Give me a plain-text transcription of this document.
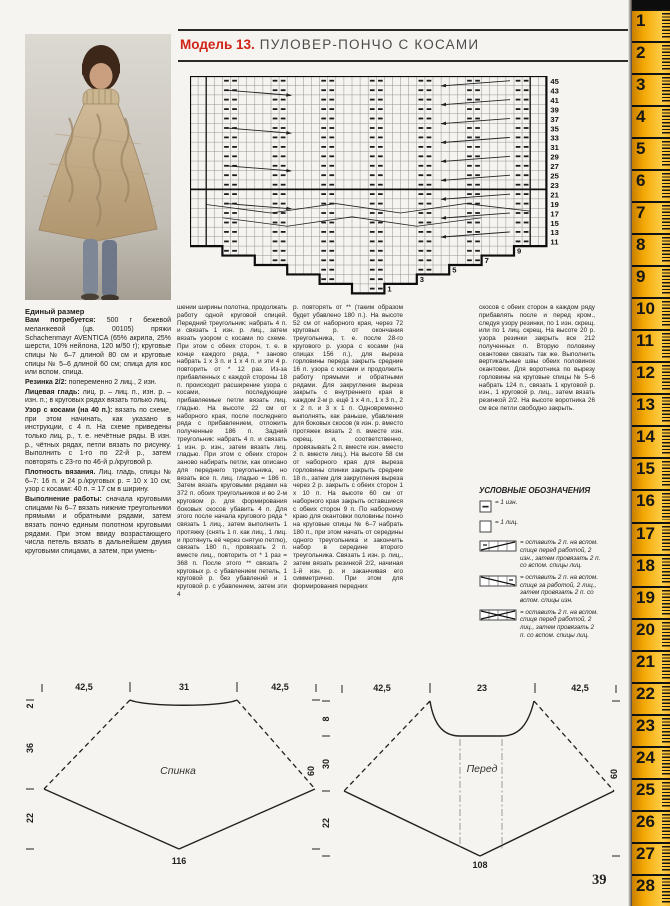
Модель 13. ПУЛОВЕР-ПОНЧО С КОСАМИ
45
43
41
39
37
35
33
31
29
27
25
23
21
19
17
15
13
11
9
7
5
3
1
Единый размер

Вам потребуется: 500 г бежевой меланжевой (цв. 00105) пряжи Schachenmayr AVENTICA (65% акрила, 25% шерсти, 10% нейлона, 120 м/50 г); круговые спицы № 6–7 длиной 80 см и круговые спицы № 5–6 длиной 60 см; спица для кос или вспом. спица.

Резинка 2/2: попеременно 2 лиц., 2 изн.

Лицевая гладь: лиц. р. – лиц. п., изн. р. – изн. п.; в круговых рядах вязать только лиц.

Узор с косами (на 40 п.): вязать по схеме, при этом начинать, как указано в инструкции, с 4 п. На схеме приведены только лиц. р., т. е. нечётные ряды. В изн. р., чётных рядах, петли вязать по рисунку. Выполнить с 1-го по 22-й р., затем повторять с 23-го по 46-й р./круговой р.

Плотность вязания. Лиц. гладь, спицы № 6–7: 16 п. и 24 р./круговых р. = 10 x 10 см; узор с косами: 40 п. = 17 см в ширину.

Выполнение работы: сначала круговыми спицами № 6–7 вязать нижние треугольники прямыми и обратными рядами, затем вязать пончо единым полотном круговыми рядами. При этом ввиду возрастающего числа петель вязать в дальнейшем двумя круговыми спицами, а затем, при умень-

шении ширины полотна, продолжать работу одной круговой спицей. Передний треугольник: набрать 4 п. и связать 1 изн. р. лиц., затем вязать узором с косами по схеме. При этом с обеих сторон, т. е. в конце каждого ряда, * заново набрать 1 x 3 п. и 1 x 4 п. и эти 4 р. повторить от * 12 раз. Из-за прибавленных с каждой стороны 18 п. происходит расширение узора с косами, последующие прибавляемые петли вязать лиц. гладью. На высоте 22 см от наборного края, после последнего ряда с прибавлением, отложить полученные 186 п. Задний треугольник: набрать 4 п. и связать 1 изн. р. изн., затем вязать лиц. гладью. При этом с обеих сторон заново набирать петли, как описано для переднего треугольника, но вязать все п. лиц. гладью = 186 п. Затем вязать круговыми рядами на 372 п. обоих треугольников и во 2-м круговом р. для формирования боковых скосов убавить 4 п. Для этого после начала кругового ряда * связать 1 лиц., затем выполнить 1 протяжку (снять 1 п. как лиц., 1 лиц. и протянуть её через снятую петлю), связать 180 п., провязать 2 п. вместе лиц., повторить от * 1 раз = 368 п. После этого ** связать 2 круговых р. с убавлением петель, 1 круговой р. без убавлений и 1 круговой р. с убавлением, затем эти 4
р. повторять от ** (таким образом будет убавлено 180 п.). На высоте 52 см от наборного края, через 72 круговых р. от окончания треугольника, т. е. после 28-го кругового р. узора с косами (на спицах 156 п.), для выреза горловины переда закрыть средние 16 п. узора с косами и продолжить работу прямыми и обратными рядами. Для закругления выреза закрыть с внутреннего края в каждом 2-м р. ещё 1 x 4 п., 1 x 3 п., 2 x 2 п. и 3 x 1 п. Одновременно выполнять, как раньше, убавления для боковых скосов (в изн. р. вместо протяжек вязать 2 п. вместе изн. скрещ. и, соответственно, провязывать 2 п. вместе изн. вместо 2 п. вместе лиц.). На высоте 58 см от наборного края для выреза горловины спинки закрыть средние 18 п., затем для закругления выреза через 2 р. закрыть с обеих сторон 1 x 10 п. На высоте 60 см от наборного края закрыть оставшиеся с обеих сторон 9 п. По наборному краю для окантовки половины пончо на круговые спицы № 6–7 набрать 180 п., при этом начать от середины одного треугольника и закончить набор в середине второго треугольника. Связать 1 изн. р. лиц., затем вязать резинкой 2/2, начиная 1-й изн. р. и заканчивая его симметрично. При этом для формирования передних
скосов с обеих сторон в каждом ряду прибавлять после и перед кром., следуя узору резинки, по 1 изн. скрещ. или по 1 лиц. скрещ. На высоте 20 р. узора резинки закрыть все 212 полученных п. Вторую половину окантовки связать так же. Выполнить вертикальные швы обеих половинок окантовки. Для воротника по вырезу горловины на круговые спицы № 5–6 набрать 124 п., связать 1 круговой р. изн., 1 круговой р. лиц., затем вязать резинкой 2/2. На высоте воротника 26 см все петли свободно закрыть.
УСЛОВНЫЕ ОБОЗНАЧЕНИЯ
= 1 изн.
= 1 лиц.
= оставить 2 п. на вспом. спице перед работой, 2 изн., затем провязать 2 п. со вспом. спицы лиц.
= оставить 2 п. на вспом. спице за работой, 2 лиц., затем провязать 2 п. со вспом. спицы изн.
= оставить 2 п. на вспом. спице перед работой, 2 лиц., затем провязать 2 п. со вспом. спицы лиц.
42,5	31	42,5
2
36
22
60
116
Спинка
42,5	23	42,5
8
30
22
60
108
Перед
39
1
2
3
4
5
6
7
8
9
10
11
12
13
14
15
16
17
18
19
20
21
22
23
24
25
26
27
28
